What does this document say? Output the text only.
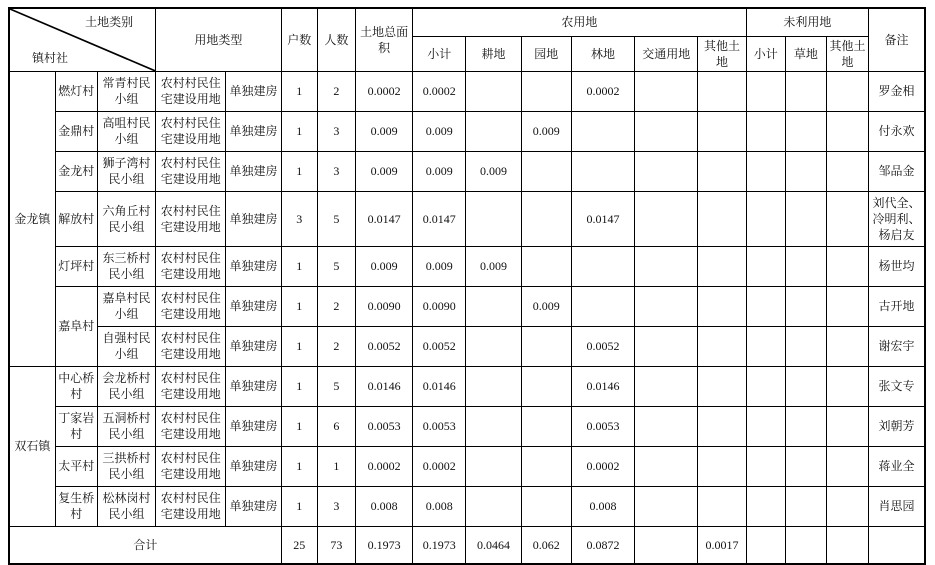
土地类别
镇村社			用地类型		户数	人数	土地总面积	农用地						未利用地			备注
								小计	耕地	园地	林地	交通用地	其他土地	小计	草地	其他土地	
金龙镇	燃灯村	常青村民小组	农村村民住宅建设用地	单独建房	1	2	0.0002	0.0002			0.0002						罗金相
	金鼎村	高咀村民小组	农村村民住宅建设用地	单独建房	1	3	0.009	0.009		0.009							付永欢
	金龙村	狮子湾村民小组	农村村民住宅建设用地	单独建房	1	3	0.009	0.009	0.009								邹品金
	解放村	六角丘村民小组	农村村民住宅建设用地	单独建房	3	5	0.0147	0.0147			0.0147						刘代全、冷明利、杨启友
	灯坪村	东三桥村民小组	农村村民住宅建设用地	单独建房	1	5	0.009	0.009	0.009								杨世均
	嘉阜村	嘉阜村民小组	农村村民住宅建设用地	单独建房	1	2	0.0090	0.0090		0.009							古开地
		自强村民小组	农村村民住宅建设用地	单独建房	1	2	0.0052	0.0052			0.0052						谢宏宇
双石镇	中心桥村	会龙桥村民小组	农村村民住宅建设用地	单独建房	1	5	0.0146	0.0146			0.0146						张文专
	丁家岩村	五洞桥村民小组	农村村民住宅建设用地	单独建房	1	6	0.0053	0.0053			0.0053						刘朝芳
	太平村	三拱桥村民小组	农村村民住宅建设用地	单独建房	1	1	0.0002	0.0002			0.0002						蒋业全
	复生桥村	松林岗村民小组	农村村民住宅建设用地	单独建房	1	3	0.008	0.008			0.008						肖思园
合计					25	73	0.1973	0.1973	0.0464	0.062	0.0872		0.0017				
